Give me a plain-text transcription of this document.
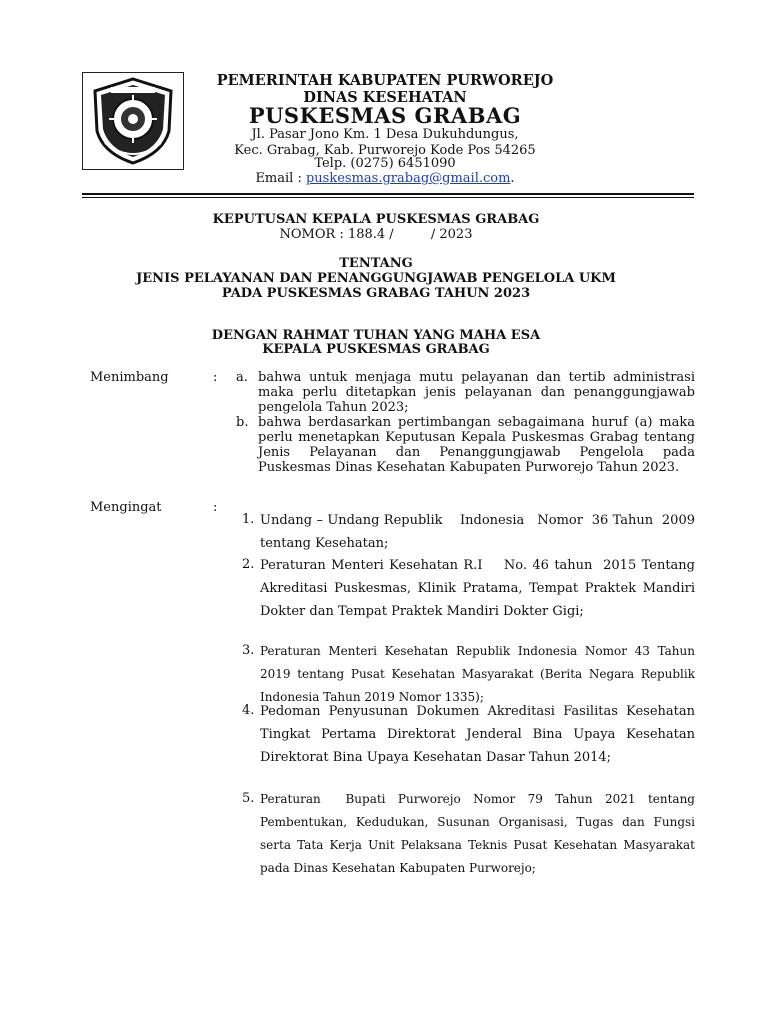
PEMERINTAH KABUPATEN PURWOREJO
DINAS KESEHATAN
PUSKESMAS GRABAG
Jl. Pasar Jono Km. 1 Desa Dukuhdungus,
Kec. Grabag, Kab. Purworejo Kode Pos 54265
Telp. (0275) 6451090
Email : puskesmas.grabag@gmail.com.
KEPUTUSAN KEPALA PUSKESMAS GRABAG
NOMOR : 188.4 /         / 2023
TENTANG
JENIS PELAYANAN DAN PENANGGUNGJAWAB PENGELOLA UKM
PADA PUSKESMAS GRABAG TAHUN 2023
DENGAN RAHMAT TUHAN YANG MAHA ESA
KEPALA PUSKESMAS GRABAG
Menimbang	: a. bahwa untuk menjaga mutu pelayanan dan tertib administrasi maka perlu ditetapkan jenis pelayanan dan penanggungjawab pengelola Tahun 2023;
b. bahwa berdasarkan pertimbangan sebagaimana huruf (a) maka perlu menetapkan Keputusan Kepala Puskesmas Grabag tentang Jenis Pelayanan dan Penanggungjawab Pengelola pada Puskesmas Dinas Kesehatan Kabupaten Purworejo Tahun 2023.
Mengingat	:
1. Undang – Undang Republik    Indonesia   Nomor  36 Tahun  2009   tentang Kesehatan;
2. Peraturan Menteri Kesehatan R.I    No. 46 tahun  2015 Tentang Akreditasi Puskesmas, Klinik Pratama, Tempat Praktek Mandiri Dokter dan Tempat Praktek Mandiri Dokter Gigi;
3. Peraturan Menteri Kesehatan Republik Indonesia Nomor 43 Tahun 2019 tentang Pusat Kesehatan Masyarakat (Berita Negara Republik Indonesia Tahun 2019 Nomor 1335);
4. Pedoman Penyusunan Dokumen Akreditasi Fasilitas Kesehatan Tingkat Pertama Direktorat Jenderal Bina Upaya Kesehatan Direktorat Bina Upaya Kesehatan Dasar Tahun 2014;
5. Peraturan  Bupati Purworejo Nomor 79 Tahun 2021 tentang Pembentukan, Kedudukan, Susunan Organisasi, Tugas dan Fungsi serta Tata Kerja Unit Pelaksana Teknis Pusat Kesehatan Masyarakat pada Dinas Kesehatan Kabupaten Purworejo;
